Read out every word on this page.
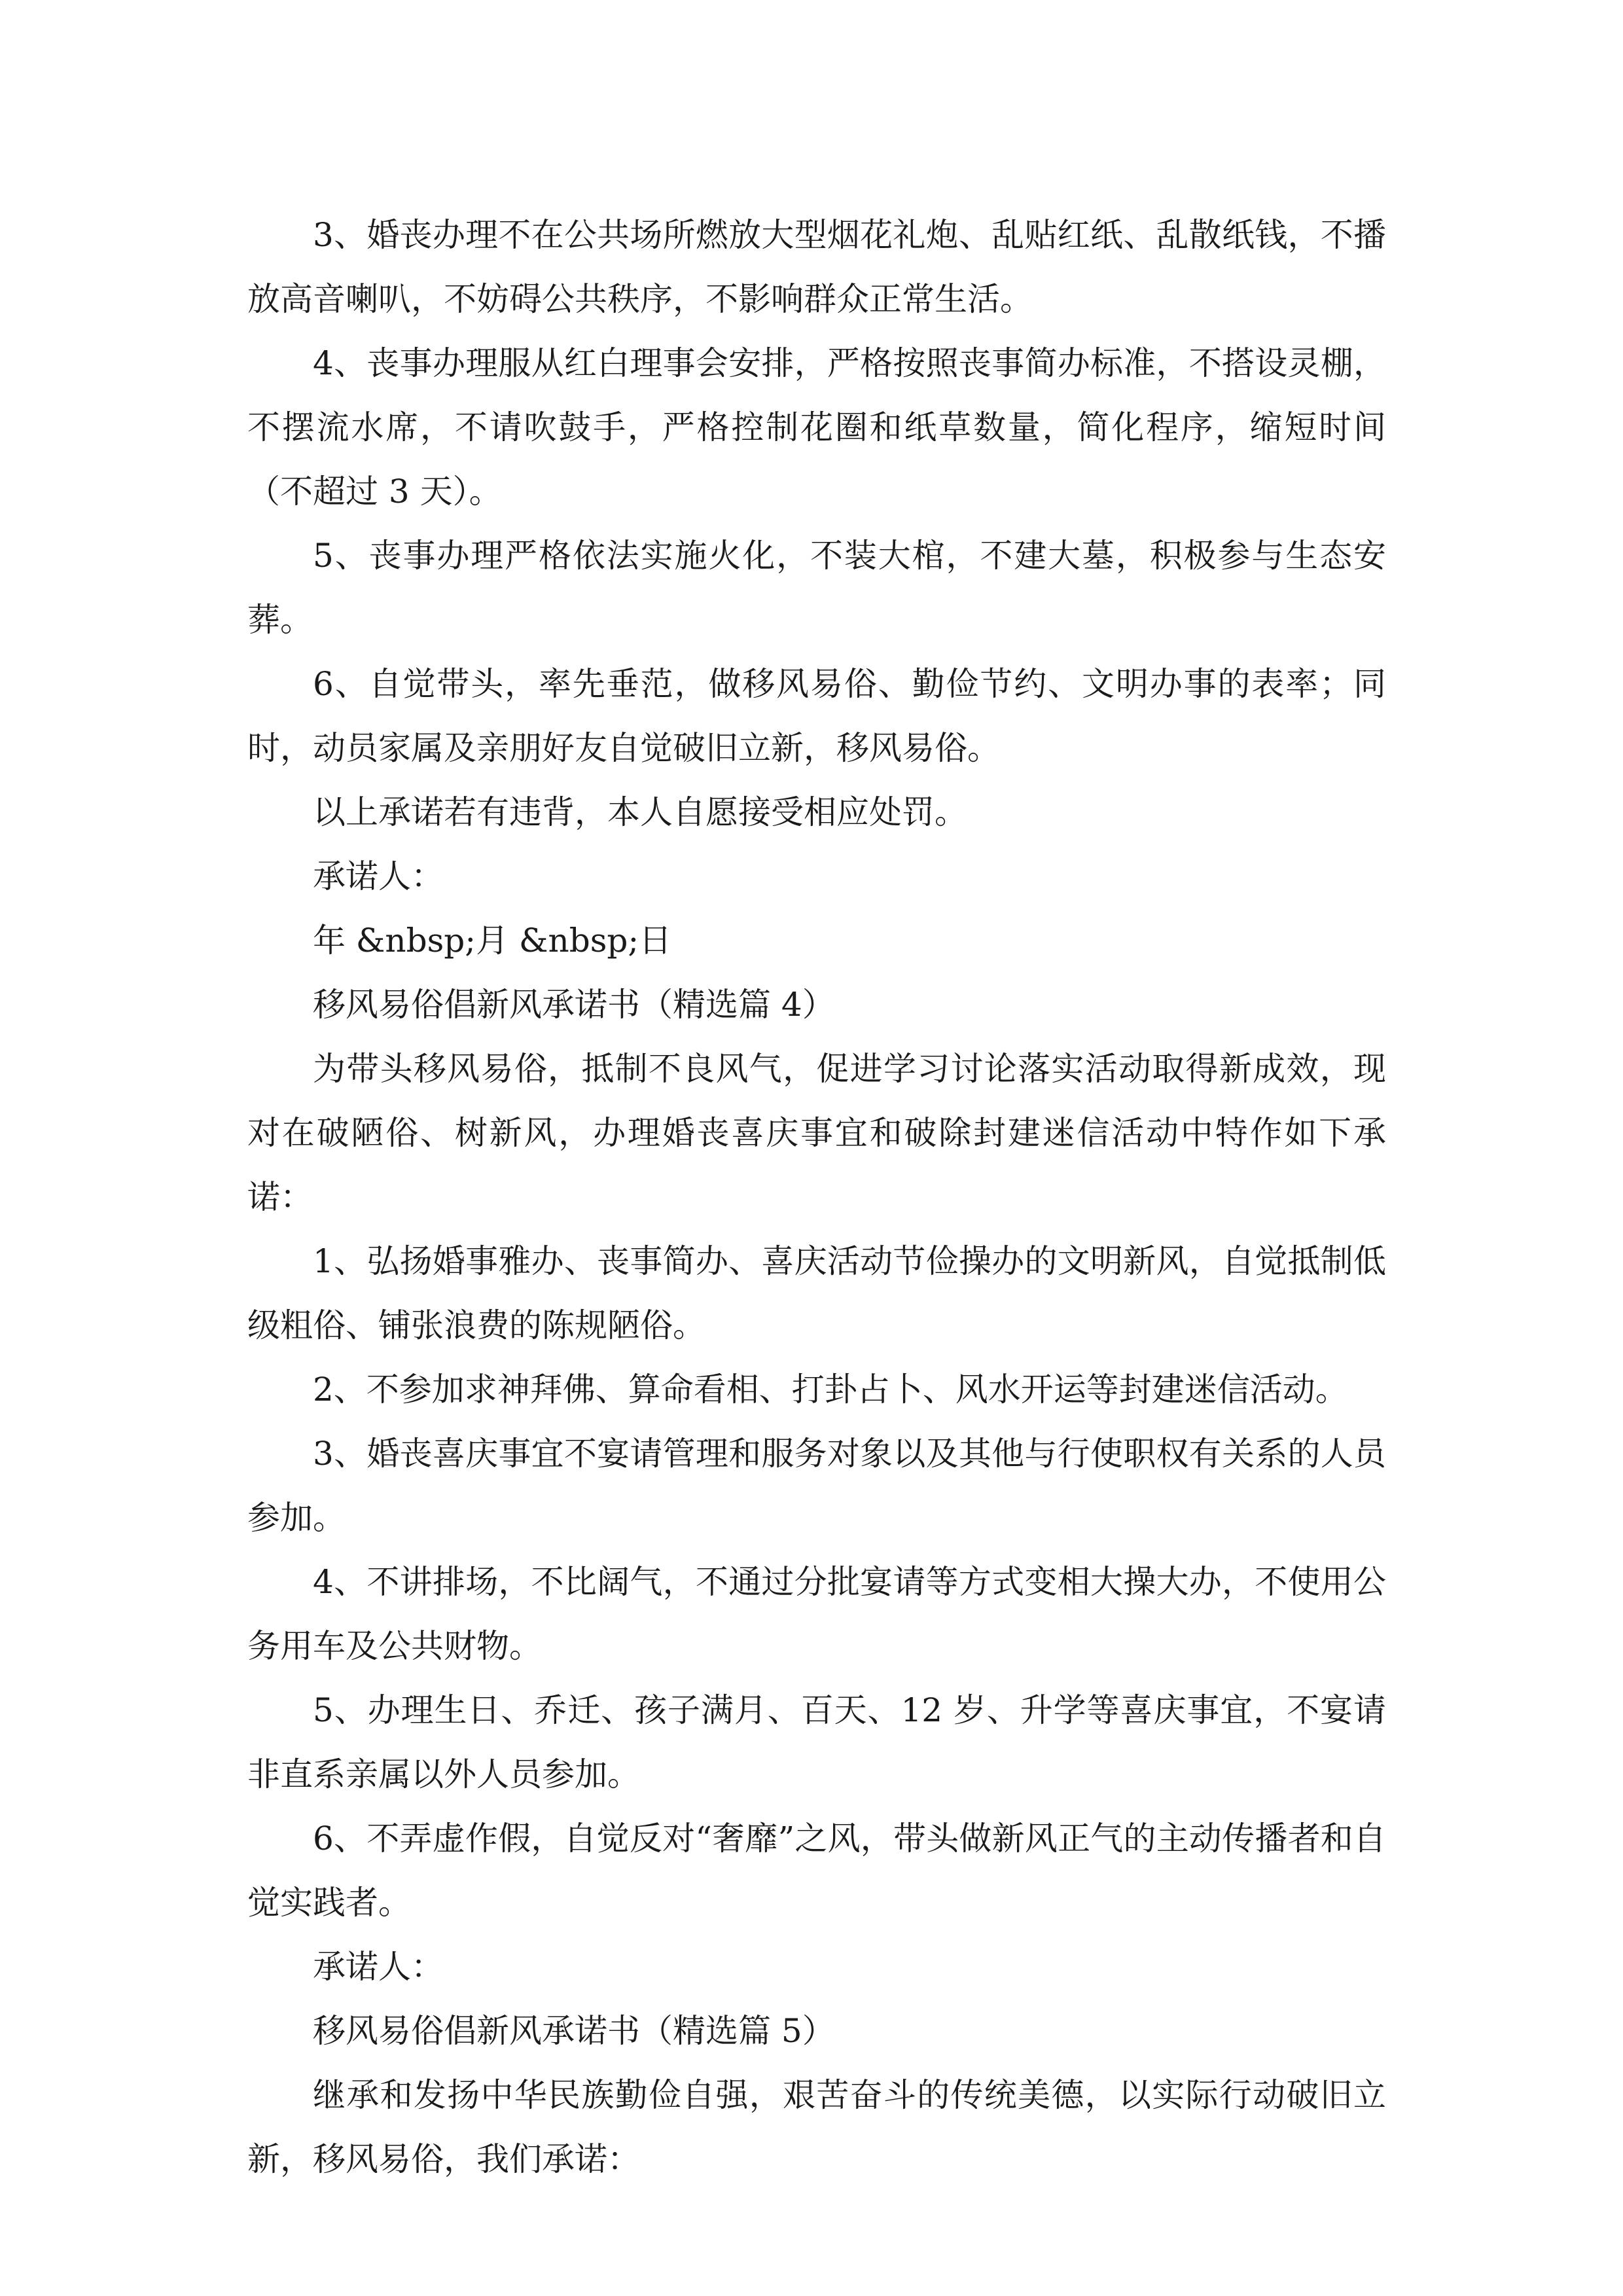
3、婚丧办理不在公共场所燃放大型烟花礼炮、乱贴红纸、乱散纸钱，不播放高音喇叭，不妨碍公共秩序，不影响群众正常生活。

4、丧事办理服从红白理事会安排，严格按照丧事简办标准，不搭设灵棚，不摆流水席，不请吹鼓手，严格控制花圈和纸草数量，简化程序，缩短时间（不超过 3 天）。

5、丧事办理严格依法实施火化，不装大棺，不建大墓，积极参与生态安葬。

6、自觉带头，率先垂范，做移风易俗、勤俭节约、文明办事的表率；同时，动员家属及亲朋好友自觉破旧立新，移风易俗。

以上承诺若有违背，本人自愿接受相应处罚。

承诺人：

年 &nbsp;月 &nbsp;日

移风易俗倡新风承诺书（精选篇 4）

为带头移风易俗，抵制不良风气，促进学习讨论落实活动取得新成效，现对在破陋俗、树新风，办理婚丧喜庆事宜和破除封建迷信活动中特作如下承诺：

1、弘扬婚事雅办、丧事简办、喜庆活动节俭操办的文明新风，自觉抵制低级粗俗、铺张浪费的陈规陋俗。

2、不参加求神拜佛、算命看相、打卦占卜、风水开运等封建迷信活动。

3、婚丧喜庆事宜不宴请管理和服务对象以及其他与行使职权有关系的人员参加。

4、不讲排场，不比阔气，不通过分批宴请等方式变相大操大办，不使用公务用车及公共财物。

5、办理生日、乔迁、孩子满月、百天、12 岁、升学等喜庆事宜，不宴请非直系亲属以外人员参加。

6、不弄虚作假，自觉反对“奢靡”之风，带头做新风正气的主动传播者和自觉实践者。

承诺人：

移风易俗倡新风承诺书（精选篇 5）

继承和发扬中华民族勤俭自强，艰苦奋斗的传统美德，以实际行动破旧立新，移风易俗，我们承诺：
